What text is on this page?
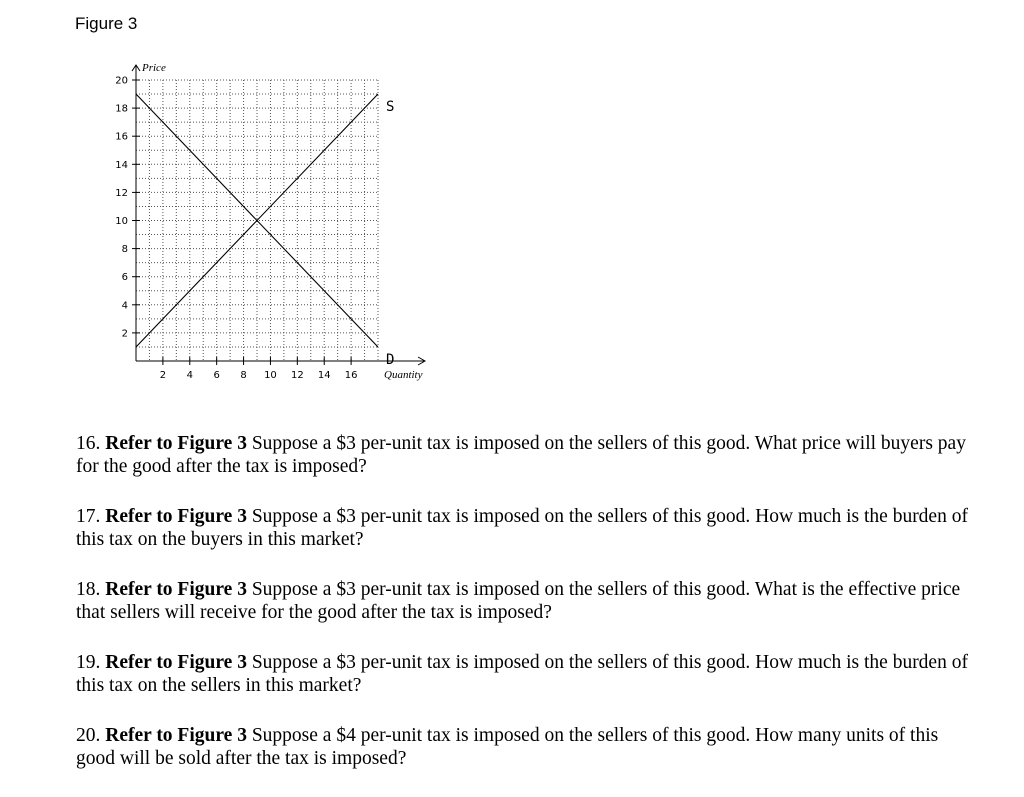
Figure 3
2
4
6
8
10
12
14
16
18
20
2 4 6 8 10 12 14 16
Price
Quantity
S
D

16. Refer to Figure 3 Suppose a $3 per-unit tax is imposed on the sellers of this good. What price will buyers pay for the good after the tax is imposed?

17. Refer to Figure 3 Suppose a $3 per-unit tax is imposed on the sellers of this good. How much is the burden of this tax on the buyers in this market?

18. Refer to Figure 3 Suppose a $3 per-unit tax is imposed on the sellers of this good. What is the effective price that sellers will receive for the good after the tax is imposed?

19. Refer to Figure 3 Suppose a $3 per-unit tax is imposed on the sellers of this good. How much is the burden of this tax on the sellers in this market?

20. Refer to Figure 3 Suppose a $4 per-unit tax is imposed on the sellers of this good. How many units of this good will be sold after the tax is imposed?
